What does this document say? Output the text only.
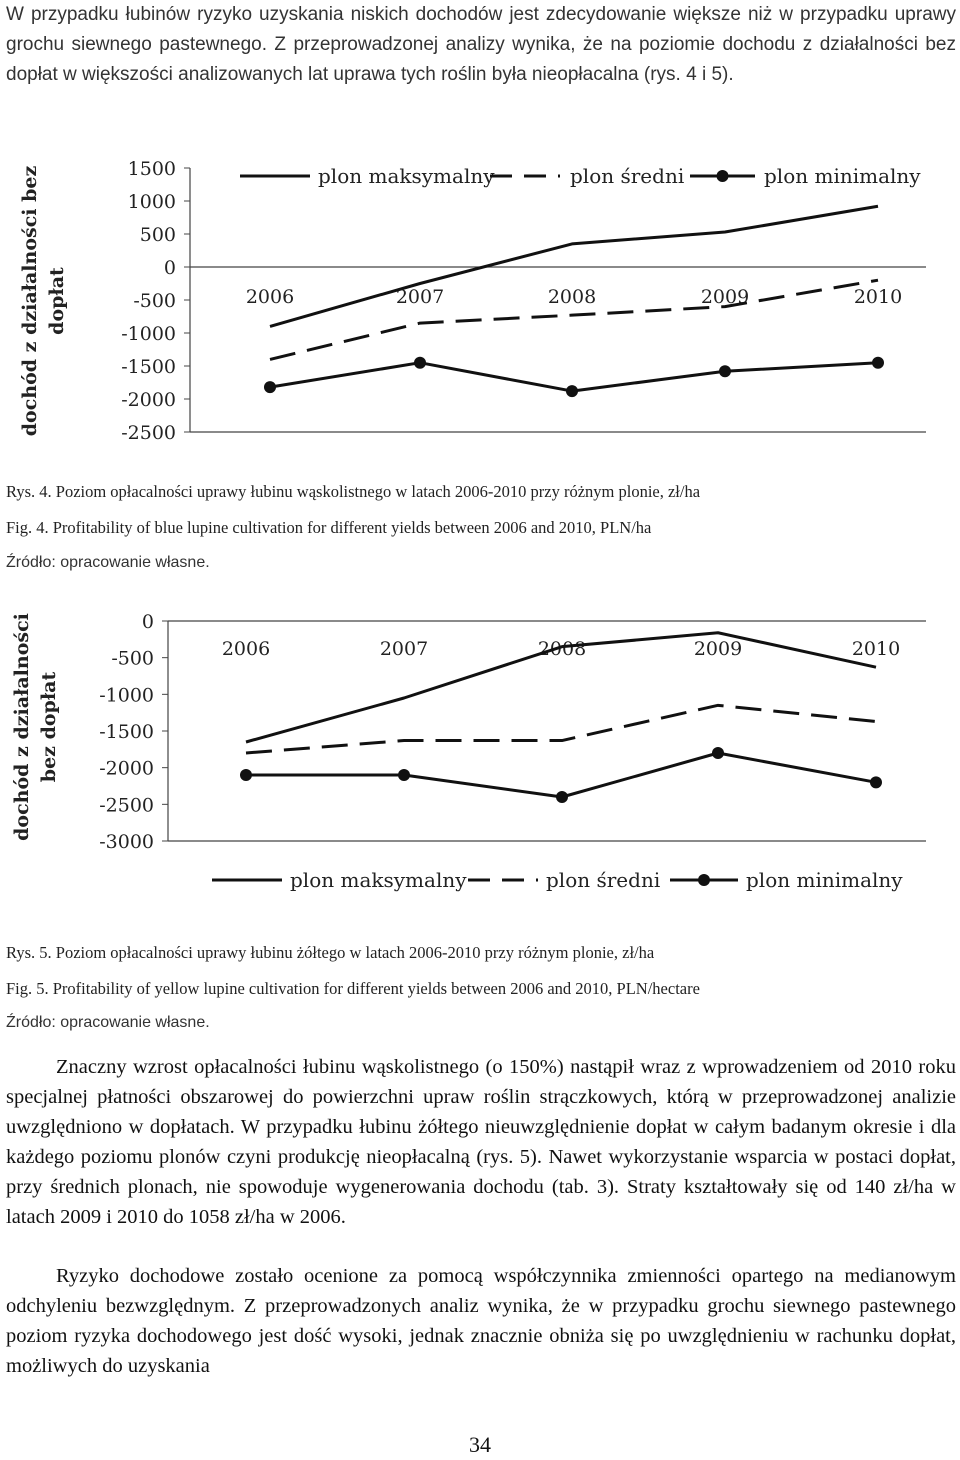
W przypadku łubinów ryzyko uzyskania niskich dochodów jest zdecydowanie większe niż w przypadku uprawy grochu siewnego pastewnego. Z przeprowadzonej analizy wynika, że na poziomie dochodu z działalności bez dopłat w większości analizowanych lat uprawa tych roślin była nieopłacalna (rys. 4 i 5).

dochód z działalności bez dopłat
1500
1000
500
0
-500
-1000
-1500
-2000
-2500
2006	2007	2008	2009	2010
plon maksymalny	plon średni	plon minimalny

Rys. 4. Poziom opłacalności uprawy łubinu wąskolistnego w latach 2006-2010 przy różnym plonie, zł/ha

Fig. 4. Profitability of blue lupine cultivation for different yields between 2006 and 2010, PLN/ha

Źródło: opracowanie własne.

dochód z działalności bez dopłat
0
-500
-1000
-1500
-2000
-2500
-3000
2006	2007	2008	2009	2010
plon maksymalny	plon średni	plon minimalny

Rys. 5. Poziom opłacalności uprawy łubinu żółtego w latach 2006-2010 przy różnym plonie, zł/ha

Fig. 5. Profitability of yellow lupine cultivation for different yields between 2006 and 2010, PLN/hectare

Źródło: opracowanie własne.

Znaczny wzrost opłacalności łubinu wąskolistnego (o 150%) nastąpił wraz z wprowadzeniem od 2010 roku specjalnej płatności obszarowej do powierzchni upraw roślin strączkowych, którą w przeprowadzonej analizie uwzględniono w dopłatach. W przypadku łubinu żółtego nieuwzględnienie dopłat w całym badanym okresie i dla każdego poziomu plonów czyni produkcję nieopłacalną (rys. 5). Nawet wykorzystanie wsparcia w postaci dopłat, przy średnich plonach, nie spowoduje wygenerowania dochodu (tab. 3). Straty kształtowały się od 140 zł/ha w latach 2009 i 2010 do 1058 zł/ha w 2006.

Ryzyko dochodowe zostało ocenione za pomocą współczynnika zmienności opartego na medianowym odchyleniu bezwzględnym. Z przeprowadzonych analiz wynika, że w przypadku grochu siewnego pastewnego poziom ryzyka dochodowego jest dość wysoki, jednak znacznie obniża się po uwzględnieniu w rachunku dopłat, możliwych do uzyskania

34
